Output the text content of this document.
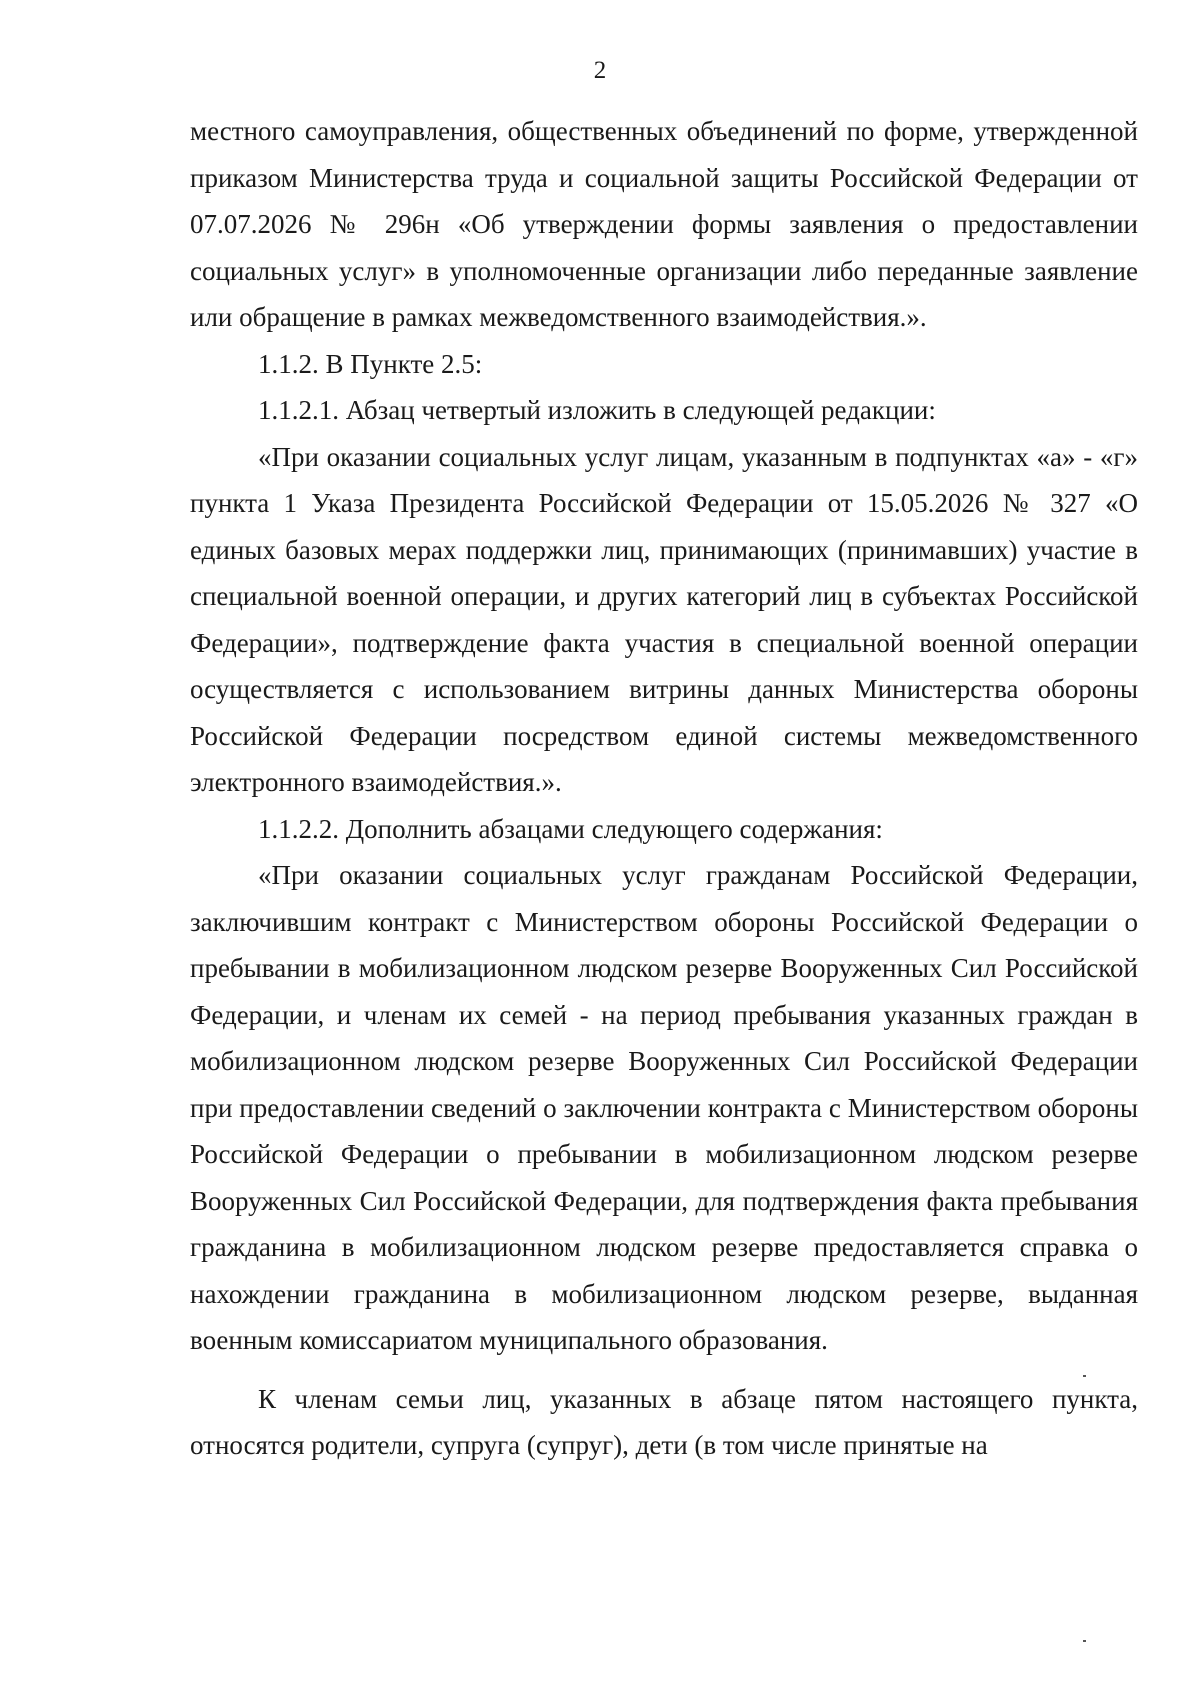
2

местного самоуправления, общественных объединений по форме, утвержденной приказом Министерства труда и социальной защиты Российской Федерации от 07.07.2026 № 296н «Об утверждении формы заявления о предоставлении социальных услуг» в уполномоченные организации либо переданные заявление или обращение в рамках межведомственного взаимодействия.».

1.1.2. В Пункте 2.5:

1.1.2.1. Абзац четвертый изложить в следующей редакции:

«При оказании социальных услуг лицам, указанным в подпунктах «а» - «г» пункта 1 Указа Президента Российской Федерации от 15.05.2026 № 327 «О единых базовых мерах поддержки лиц, принимающих (принимавших) участие в специальной военной операции, и других категорий лиц в субъектах Российской Федерации», подтверждение факта участия в специальной военной операции осуществляется с использованием витрины данных Министерства обороны Российской Федерации посредством единой системы межведомственного электронного взаимодействия.».

1.1.2.2. Дополнить абзацами следующего содержания:

«При оказании социальных услуг гражданам Российской Федерации, заключившим контракт с Министерством обороны Российской Федерации о пребывании в мобилизационном людском резерве Вооруженных Сил Российской Федерации, и членам их семей - на период пребывания указанных граждан в мобилизационном людском резерве Вооруженных Сил Российской Федерации при предоставлении сведений о заключении контракта с Министерством обороны Российской Федерации о пребывании в мобилизационном людском резерве Вооруженных Сил Российской Федерации, для подтверждения факта пребывания гражданина в мобилизационном людском резерве предоставляется справка о нахождении гражданина в мобилизационном людском резерве, выданная военным комиссариатом муниципального образования.

К членам семьи лиц, указанных в абзаце пятом настоящего пункта, относятся родители, супруга (супруг), дети (в том числе принятые на
